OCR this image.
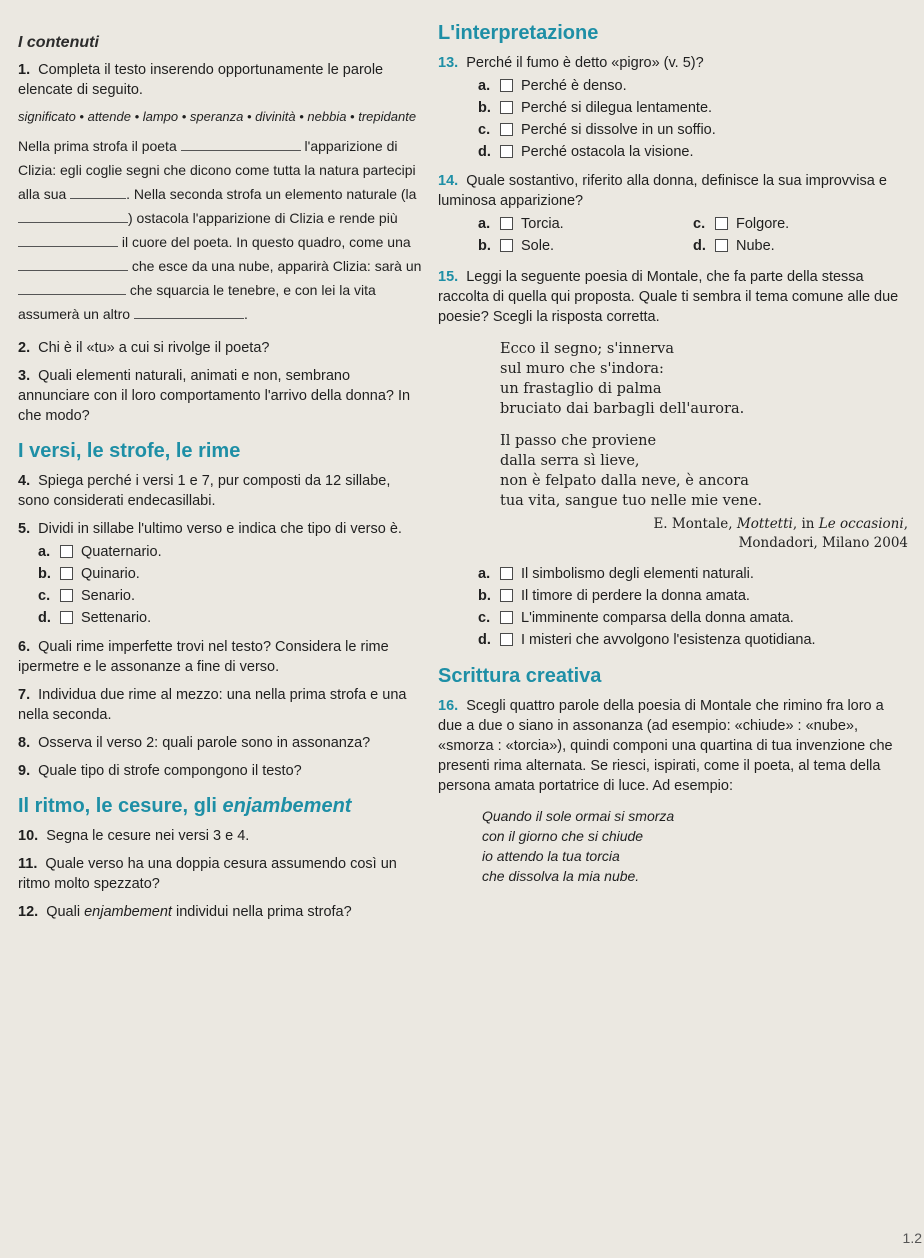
I contenuti
1. Completa il testo inserendo opportunamente le parole elencate di seguito.
significato • attende • lampo • speranza • divinità • nebbia • trepidante
Nella prima strofa il poeta	l'apparizione di Clizia: egli coglie segni che dicono come tutta la natura partecipi alla sua	. Nella seconda strofa un elemento naturale (la ) ostacola l'apparizione di Clizia e rende più  il cuore del poeta. In questo quadro, come una  che esce da una nube, apparirà Clizia: sarà un  che squarcia le tenebre, e con lei la vita assumerà un altro	.
2. Chi è il «tu» a cui si rivolge il poeta?
3. Quali elementi naturali, animati e non, sembrano annunciare con il loro comportamento l'arrivo della donna? In che modo?
I versi, le strofe, le rime
4. Spiega perché i versi 1 e 7, pur composti da 12 sillabe, sono considerati endecasillabi.
5. Dividi in sillabe l'ultimo verso e indica che tipo di verso è.
a.	Quaternario.
b.	Quinario.
c.	Senario.
d.	Settenario.
6. Quali rime imperfette trovi nel testo? Considera le rime ipermetre e le assonanze a fine di verso.
7. Individua due rime al mezzo: una nella prima strofa e una nella seconda.
8. Osserva il verso 2: quali parole sono in assonanza?
9. Quale tipo di strofe compongono il testo?
Il ritmo, le cesure, gli enjambement
10. Segna le cesure nei versi 3 e 4.
11. Quale verso ha una doppia cesura assumendo così un ritmo molto spezzato?
12. Quali enjambement individui nella prima strofa?
L'interpretazione
13. Perché il fumo è detto «pigro» (v. 5)?
a.	Perché è denso.
b.	Perché si dilegua lentamente.
c.	Perché si dissolve in un soffio.
d.	Perché ostacola la visione.
14. Quale sostantivo, riferito alla donna, definisce la sua improvvisa e luminosa apparizione?
a.	Torcia.	c.	Folgore.
b.	Sole.	d.	Nube.
15. Leggi la seguente poesia di Montale, che fa parte della stessa raccolta di quella qui proposta. Quale ti sembra il tema comune alle due poesie? Scegli la risposta corretta.
Ecco il segno; s'innerva
sul muro che s'indora:
un frastaglio di palma
bruciato dai barbagli dell'aurora.
Il passo che proviene
dalla serra sì lieve,
non è felpato dalla neve, è ancora
tua vita, sangue tuo nelle mie vene.
E. Montale, Mottetti, in Le occasioni,
Mondadori, Milano 2004
a.	Il simbolismo degli elementi naturali.
b.	Il timore di perdere la donna amata.
c.	L'imminente comparsa della donna amata.
d.	I misteri che avvolgono l'esistenza quotidiana.
Scrittura creativa
16. Scegli quattro parole della poesia di Montale che rimino fra loro a due a due o siano in assonanza (ad esempio: «chiude» : «nube», «smorza : «torcia»), quindi componi una quartina di tua invenzione che presenti rima alternata. Se riesci, ispirati, come il poeta, al tema della persona amata portatrice di luce. Ad esempio:
Quando il sole ormai si smorza
con il giorno che si chiude
io attendo la tua torcia
che dissolva la mia nube.
1.2
